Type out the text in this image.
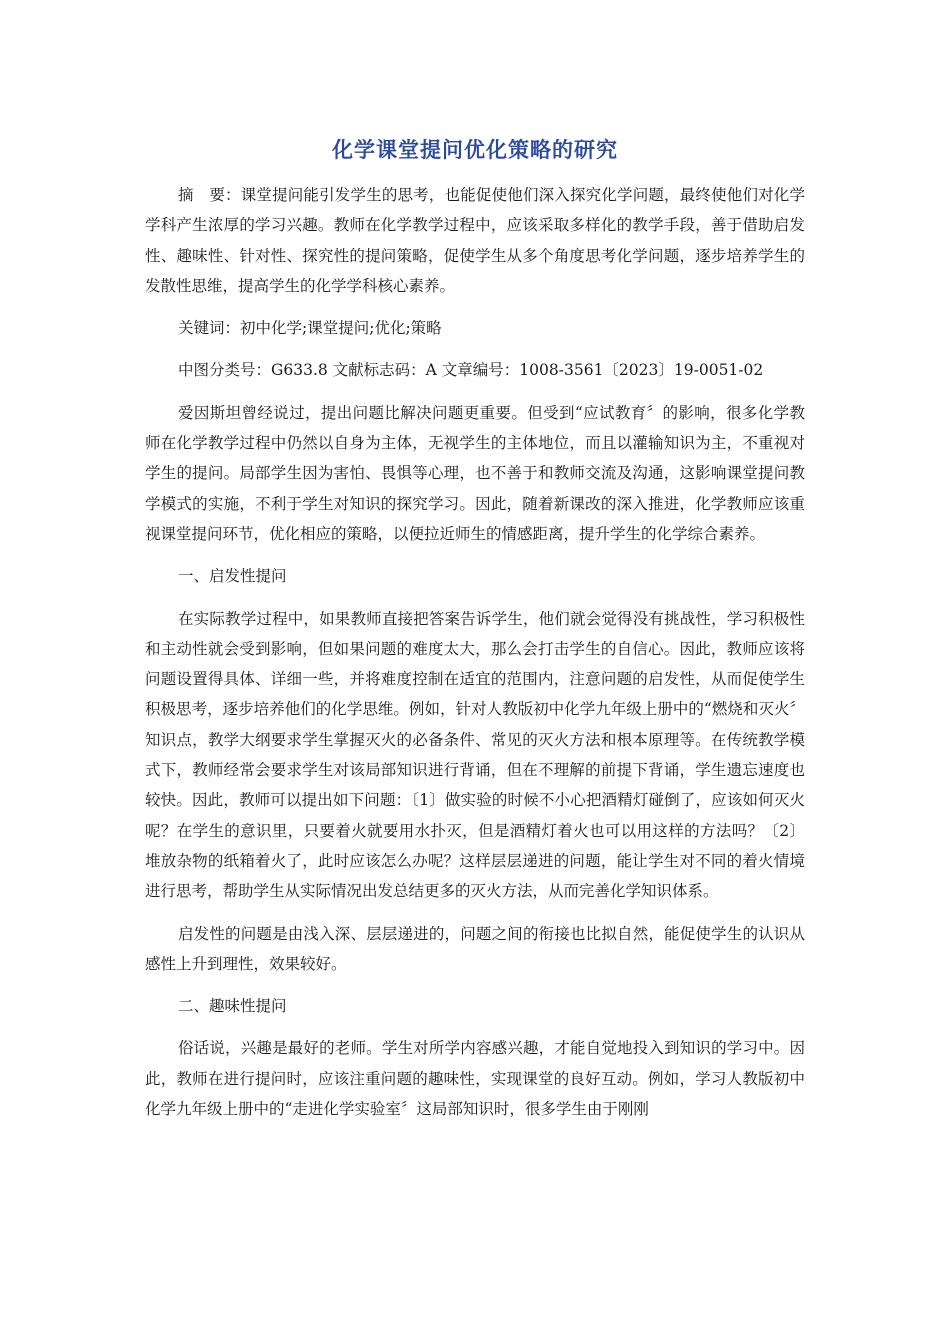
化学课堂提问优化策略的研究

摘　要：课堂提问能引发学生的思考，也能促使他们深入探究化学问题，最终使他们对化学学科产生浓厚的学习兴趣。教师在化学教学过程中，应该采取多样化的教学手段，善于借助启发性、趣味性、针对性、探究性的提问策略，促使学生从多个角度思考化学问题，逐步培养学生的发散性思维，提高学生的化学学科核心素养。

关键词：初中化学;课堂提问;优化;策略

中图分类号：G633.8 文献标志码：A 文章编号：1008-3561〔2023〕19-0051-02

爱因斯坦曾经说过，提出问题比解决问题更重要。但受到“应试教育〞的影响，很多化学教师在化学教学过程中仍然以自身为主体，无视学生的主体地位，而且以灌输知识为主，不重视对学生的提问。局部学生因为害怕、畏惧等心理，也不善于和教师交流及沟通，这影响课堂提问教学模式的实施，不利于学生对知识的探究学习。因此，随着新课改的深入推进，化学教师应该重视课堂提问环节，优化相应的策略，以便拉近师生的情感距离，提升学生的化学综合素养。

一、启发性提问

在实际教学过程中，如果教师直接把答案告诉学生，他们就会觉得没有挑战性，学习积极性和主动性就会受到影响，但如果问题的难度太大，那么会打击学生的自信心。因此，教师应该将问题设置得具体、详细一些，并将难度控制在适宜的范围内，注意问题的启发性，从而促使学生积极思考，逐步培养他们的化学思维。例如，针对人教版初中化学九年级上册中的“燃烧和灭火〞知识点，教学大纲要求学生掌握灭火的必备条件、常见的灭火方法和根本原理等。在传统教学模式下，教师经常会要求学生对该局部知识进行背诵，但在不理解的前提下背诵，学生遗忘速度也较快。因此，教师可以提出如下问题：〔1〕做实验的时候不小心把酒精灯碰倒了，应该如何灭火呢？在学生的意识里，只要着火就要用水扑灭，但是酒精灯着火也可以用这样的方法吗？〔2〕堆放杂物的纸箱着火了，此时应该怎么办呢？这样层层递进的问题，能让学生对不同的着火情境进行思考，帮助学生从实际情况出发总结更多的灭火方法，从而完善化学知识体系。

启发性的问题是由浅入深、层层递进的，问题之间的衔接也比拟自然，能促使学生的认识从感性上升到理性，效果较好。

二、趣味性提问

俗话说，兴趣是最好的老师。学生对所学内容感兴趣，才能自觉地投入到知识的学习中。因此，教师在进行提问时，应该注重问题的趣味性，实现课堂的良好互动。例如，学习人教版初中化学九年级上册中的“走进化学实验室〞这局部知识时，很多学生由于刚刚
